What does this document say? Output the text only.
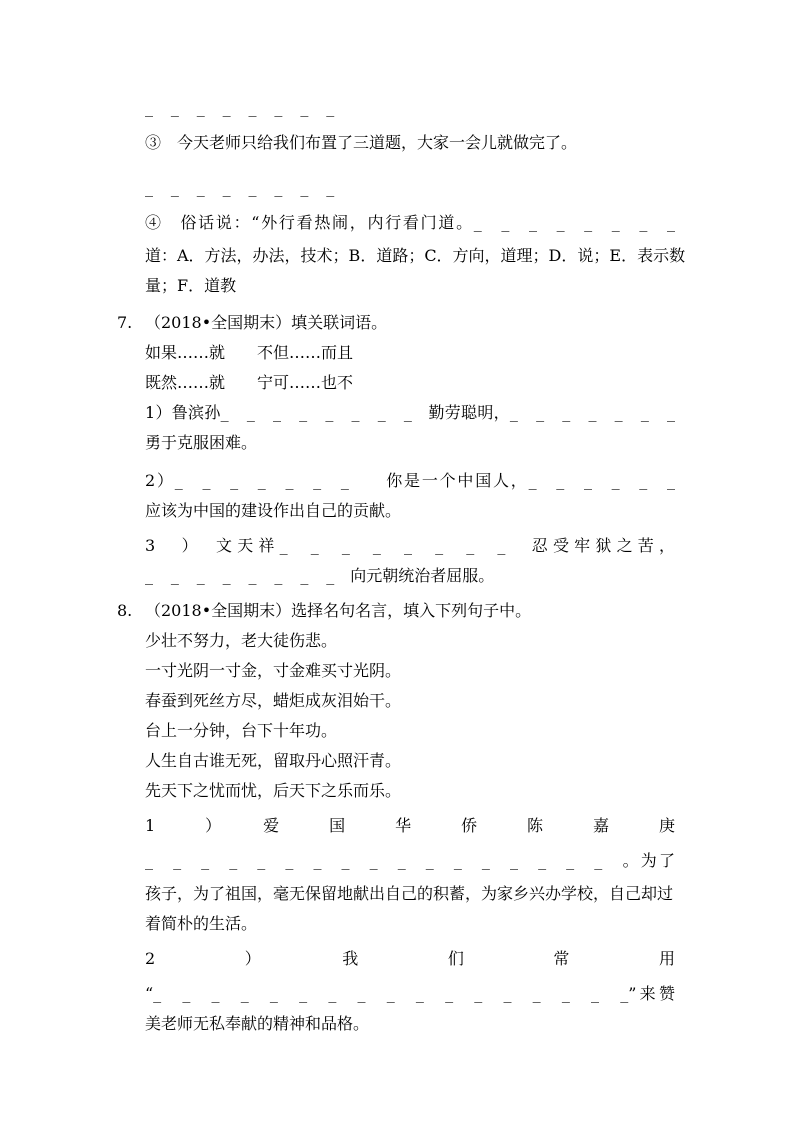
_ _ _ _ _ _ _ _
③　今天老师只给我们布置了三道题，大家一会儿就做完了。
_ _ _ _ _ _ _ _
④　俗话说：“外行看热闹，内行看门道。_ _ _ _ _ _ _ _
道：A．方法，办法，技术；B．道路；C．方向，道理；D．说；E．表示数
量；F．道教
7. （2018•全国期末）填关联词语。
如果……就　　不但……而且
既然……就　　宁可……也不
1）鲁滨孙_ _ _ _ _ _ _ _　勤劳聪明，_ _ _ _ _ _ _
勇于克服困难。
2）_ _ _ _ _ _ _　　你是一个中国人，_ _ _ _ _ _
应该为中国的建设作出自己的贡献。
3　）　文天祥_ _ _ _ _ _ _ _　忍受牢狱之苦，
_ _ _ _ _ _ _ _　向元朝统治者屈服。
8. （2018•全国期末）选择名句名言，填入下列句子中。
少壮不努力，老大徒伤悲。
一寸光阴一寸金，寸金难买寸光阴。
春蚕到死丝方尽，蜡炬成灰泪始干。
台上一分钟，台下十年功。
人生自古谁无死，留取丹心照汗青。
先天下之忧而忧，后天下之乐而乐。
1　）　爱　国　华　侨　陈　嘉　庚
_ _ _ _ _ _ _ _ _ _ _ _ _ _ _ _ _　。为了
孩子，为了祖国，毫无保留地献出自己的积蓄，为家乡兴办学校，自己却过
着简朴的生活。
2　）　我　们　常　用
“_ _ _ _ _ _ _ _ _ _ _ _ _ _ _ _ _”来赞
美老师无私奉献的精神和品格。
